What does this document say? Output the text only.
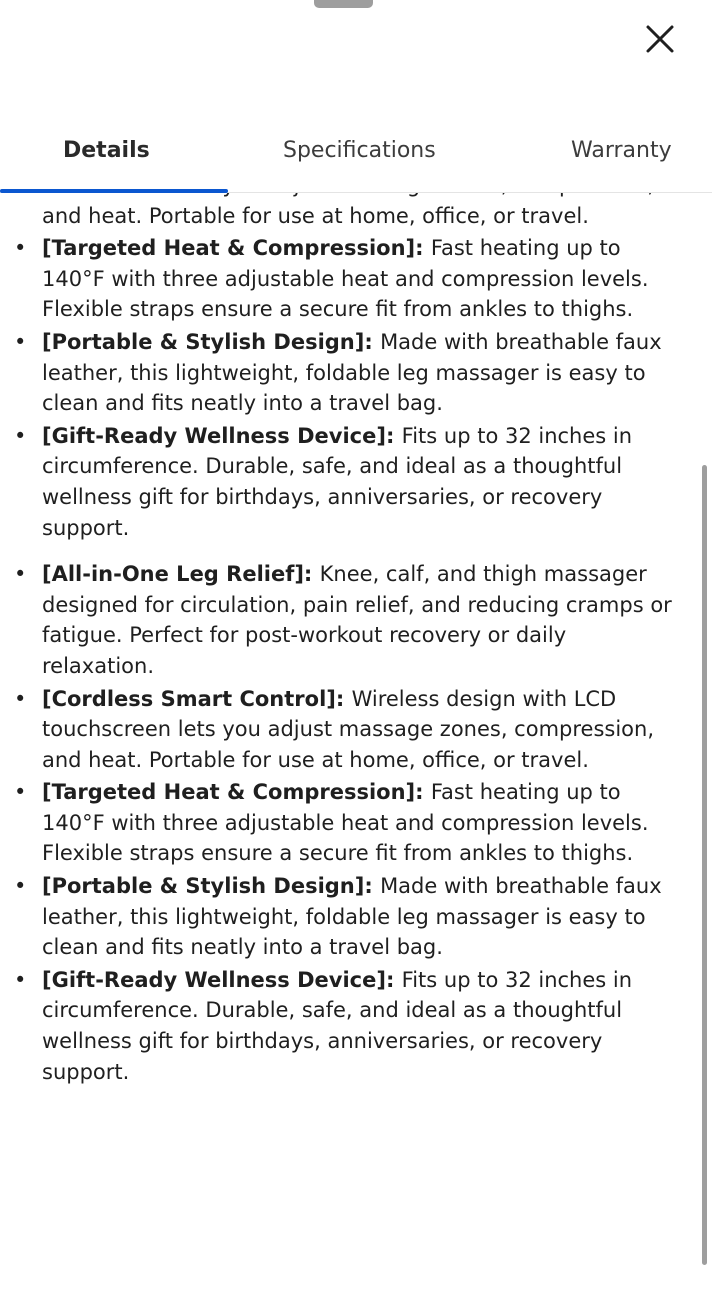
Details	Specifications	Warranty
and heat. Portable for use at home, office, or travel.
• [Targeted Heat & Compression]: Fast heating up to 140°F with three adjustable heat and compression levels. Flexible straps ensure a secure fit from ankles to thighs.
• [Portable & Stylish Design]: Made with breathable faux leather, this lightweight, foldable leg massager is easy to clean and fits neatly into a travel bag.
• [Gift-Ready Wellness Device]: Fits up to 32 inches in circumference. Durable, safe, and ideal as a thoughtful wellness gift for birthdays, anniversaries, or recovery support.
• [All-in-One Leg Relief]: Knee, calf, and thigh massager designed for circulation, pain relief, and reducing cramps or fatigue. Perfect for post-workout recovery or daily relaxation.
• [Cordless Smart Control]: Wireless design with LCD touchscreen lets you adjust massage zones, compression, and heat. Portable for use at home, office, or travel.
• [Targeted Heat & Compression]: Fast heating up to 140°F with three adjustable heat and compression levels. Flexible straps ensure a secure fit from ankles to thighs.
• [Portable & Stylish Design]: Made with breathable faux leather, this lightweight, foldable leg massager is easy to clean and fits neatly into a travel bag.
• [Gift-Ready Wellness Device]: Fits up to 32 inches in circumference. Durable, safe, and ideal as a thoughtful wellness gift for birthdays, anniversaries, or recovery support.
